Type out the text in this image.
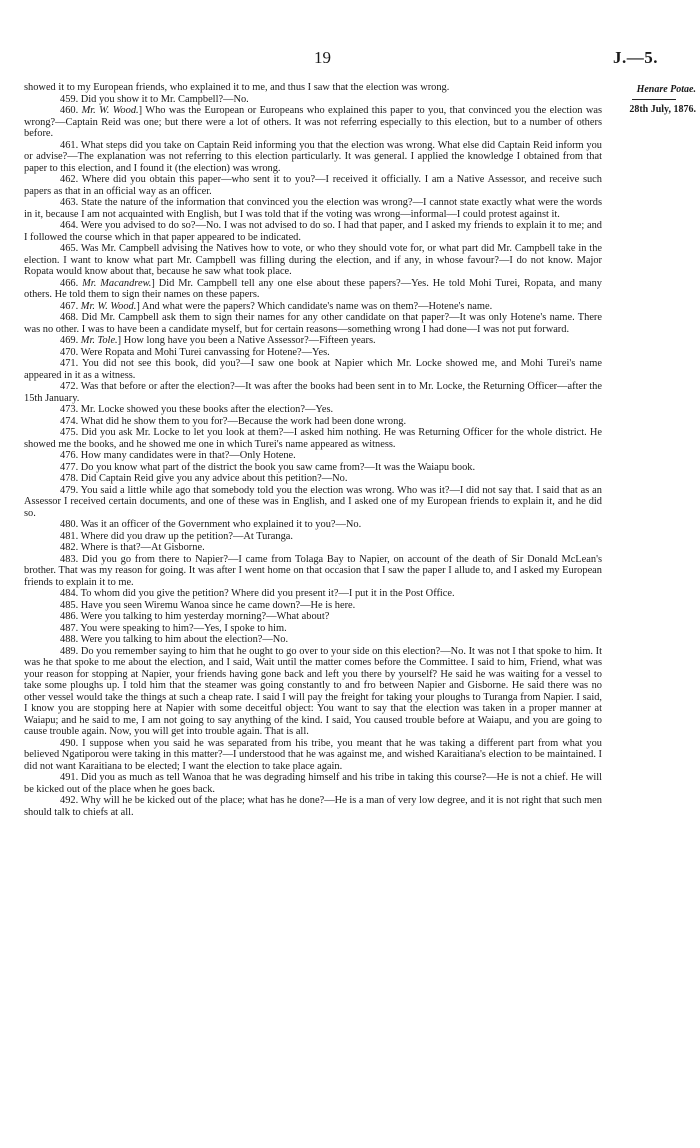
19	J.—5.
Henare Potae.
28th July, 1876.

showed it to my European friends, who explained it to me, and thus I saw that the election was wrong.

459. Did you show it to Mr. Campbell?—No.

460. Mr. W. Wood.] Who was the European or Europeans who explained this paper to you, that convinced you the election was wrong?—Captain Reid was one; but there were a lot of others. It was not referring especially to this election, but to a number of others before.

461. What steps did you take on Captain Reid informing you that the election was wrong. What else did Captain Reid inform you or advise?—The explanation was not referring to this election particularly. It was general. I applied the knowledge I obtained from that paper to this election, and I found it (the election) was wrong.

462. Where did you obtain this paper—who sent it to you?—I received it officially. I am a Native Assessor, and receive such papers as that in an official way as an officer.

463. State the nature of the information that convinced you the election was wrong?—I cannot state exactly what were the words in it, because I am not acquainted with English, but I was told that if the voting was wrong—informal—I could protest against it.

464. Were you advised to do so?—No. I was not advised to do so. I had that paper, and I asked my friends to explain it to me; and I followed the course which in that paper appeared to be indicated.

465. Was Mr. Campbell advising the Natives how to vote, or who they should vote for, or what part did Mr. Campbell take in the election. I want to know what part Mr. Campbell was filling during the election, and if any, in whose favour?—I do not know. Major Ropata would know about that, because he saw what took place.

466. Mr. Macandrew.] Did Mr. Campbell tell any one else about these papers?—Yes. He told Mohi Turei, Ropata, and many others. He told them to sign their names on these papers.

467. Mr. W. Wood.] And what were the papers? Which candidate's name was on them?—Hotene's name.

468. Did Mr. Campbell ask them to sign their names for any other candidate on that paper?—It was only Hotene's name. There was no other. I was to have been a candidate myself, but for certain reasons—something wrong I had done—I was not put forward.

469. Mr. Tole.] How long have you been a Native Assessor?—Fifteen years.

470. Were Ropata and Mohi Turei canvassing for Hotene?—Yes.

471. You did not see this book, did you?—I saw one book at Napier which Mr. Locke showed me, and Mohi Turei's name appeared in it as a witness.

472. Was that before or after the election?—It was after the books had been sent in to Mr. Locke, the Returning Officer—after the 15th January.

473. Mr. Locke showed you these books after the election?—Yes.

474. What did he show them to you for?—Because the work had been done wrong.

475. Did you ask Mr. Locke to let you look at them?—I asked him nothing. He was Returning Officer for the whole district. He showed me the books, and he showed me one in which Turei's name appeared as witness.

476. How many candidates were in that?—Only Hotene.

477. Do you know what part of the district the book you saw came from?—It was the Waiapu book.

478. Did Captain Reid give you any advice about this petition?—No.

479. You said a little while ago that somebody told you the election was wrong. Who was it?—I did not say that. I said that as an Assessor I received certain documents, and one of these was in English, and I asked one of my European friends to explain it, and he did so.

480. Was it an officer of the Government who explained it to you?—No.

481. Where did you draw up the petition?—At Turanga.

482. Where is that?—At Gisborne.

483. Did you go from there to Napier?—I came from Tolaga Bay to Napier, on account of the death of Sir Donald McLean's brother. That was my reason for going. It was after I went home on that occasion that I saw the paper I allude to, and I asked my European friends to explain it to me.

484. To whom did you give the petition? Where did you present it?—I put it in the Post Office.

485. Have you seen Wiremu Wanoa since he came down?—He is here.

486. Were you talking to him yesterday morning?—What about?

487. You were speaking to him?—Yes, I spoke to him.

488. Were you talking to him about the election?—No.

489. Do you remember saying to him that he ought to go over to your side on this election?—No. It was not I that spoke to him. It was he that spoke to me about the election, and I said, Wait until the matter comes before the Committee. I said to him, Friend, what was your reason for stopping at Napier, your friends having gone back and left you there by yourself? He said he was waiting for a vessel to take some ploughs up. I told him that the steamer was going constantly to and fro between Napier and Gisborne. He said there was no other vessel would take the things at such a cheap rate. I said I will pay the freight for taking your ploughs to Turanga from Napier. I said, I know you are stopping here at Napier with some deceitful object: You want to say that the election was taken in a proper manner at Waiapu; and he said to me, I am not going to say anything of the kind. I said, You caused trouble before at Waiapu, and you are going to cause trouble again. Now, you will get into trouble again. That is all.

490. I suppose when you said he was separated from his tribe, you meant that he was taking a different part from what you believed Ngatiporou were taking in this matter?—I understood that he was against me, and wished Karaitiana's election to be maintained. I did not want Karaitiana to be elected; I want the election to take place again.

491. Did you as much as tell Wanoa that he was degrading himself and his tribe in taking this course?—He is not a chief. He will be kicked out of the place when he goes back.

492. Why will he be kicked out of the place; what has he done?—He is a man of very low degree, and it is not right that such men should talk to chiefs at all.
